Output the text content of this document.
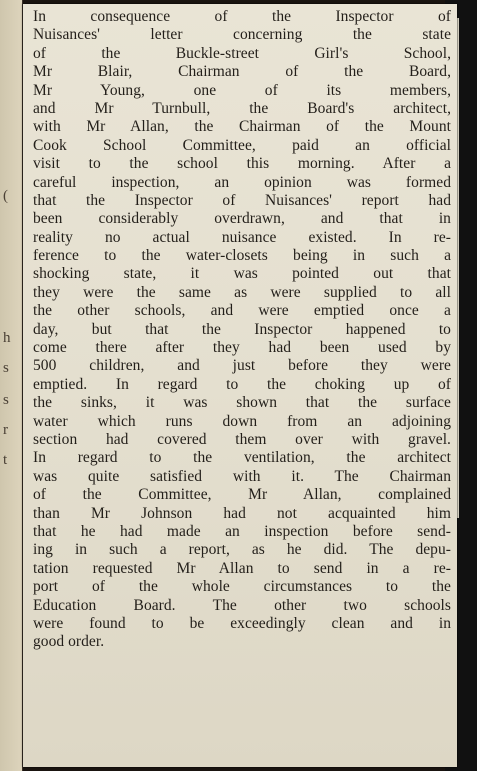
(
h
s
s
r
t
In consequence of the Inspector of
Nuisances' letter concerning the state
of the Buckle-street Girl's School,
Mr Blair, Chairman of the Board,
Mr Young, one of its members,
and Mr Turnbull, the Board's architect,
with Mr Allan, the Chairman of the Mount
Cook School Committee, paid an official
visit to the school this morning. After a
careful inspection, an opinion was formed
that the Inspector of Nuisances' report had
been considerably overdrawn, and that in
reality no actual nuisance existed. In re-
ference to the water-closets being in such a
shocking state, it was pointed out that
they were the same as were supplied to all
the other schools, and were emptied once a
day, but that the Inspector happened to
come there after they had been used by
500 children, and just before they were
emptied. In regard to the choking up of
the sinks, it was shown that the surface
water which runs down from an adjoining
section had covered them over with gravel.
In regard to the ventilation, the architect
was quite satisfied with it. The Chairman
of the Committee, Mr Allan, complained
than Mr Johnson had not acquainted him
that he had made an inspection before send-
ing in such a report, as he did. The depu-
tation requested Mr Allan to send in a re-
port of the whole circumstances to the
Education Board. The other two schools
were found to be exceedingly clean and in
good order.
